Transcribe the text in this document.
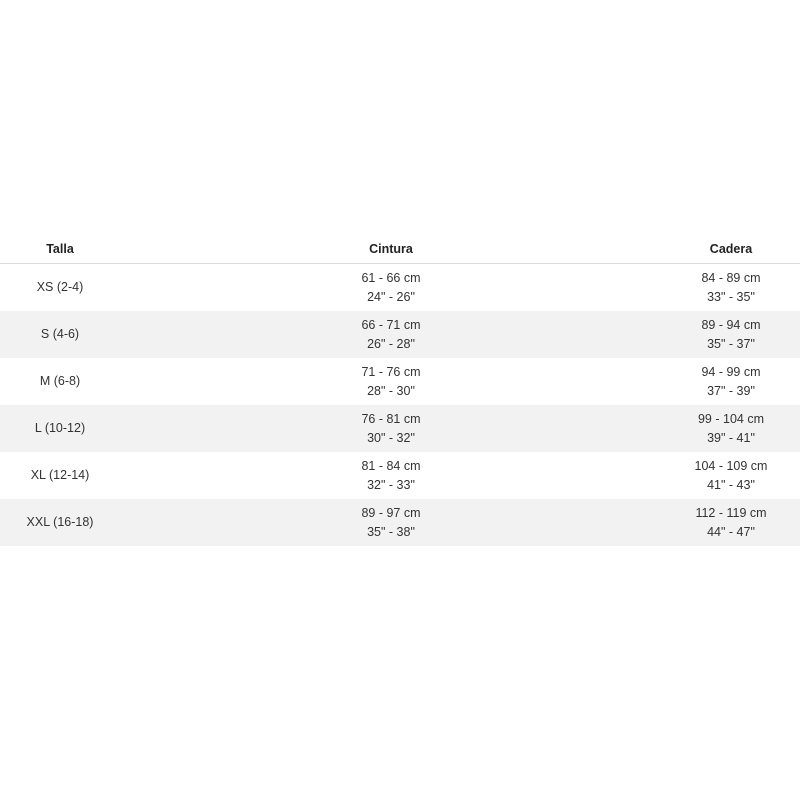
Talla	Cintura	Cadera
XS (2-4)
61 - 66 cm
24" - 26"
84 - 89 cm
33" - 35"
S (4-6)
66 - 71 cm
26" - 28"
89 - 94 cm
35" - 37"
M (6-8)
71 - 76 cm
28" - 30"
94 - 99 cm
37" - 39"
L (10-12)
76 - 81 cm
30" - 32"
99 - 104 cm
39" - 41"
XL (12-14)
81 - 84 cm
32" - 33"
104 - 109 cm
41" - 43"
XXL (16-18)
89 - 97 cm
35" - 38"
112 - 119 cm
44" - 47"
